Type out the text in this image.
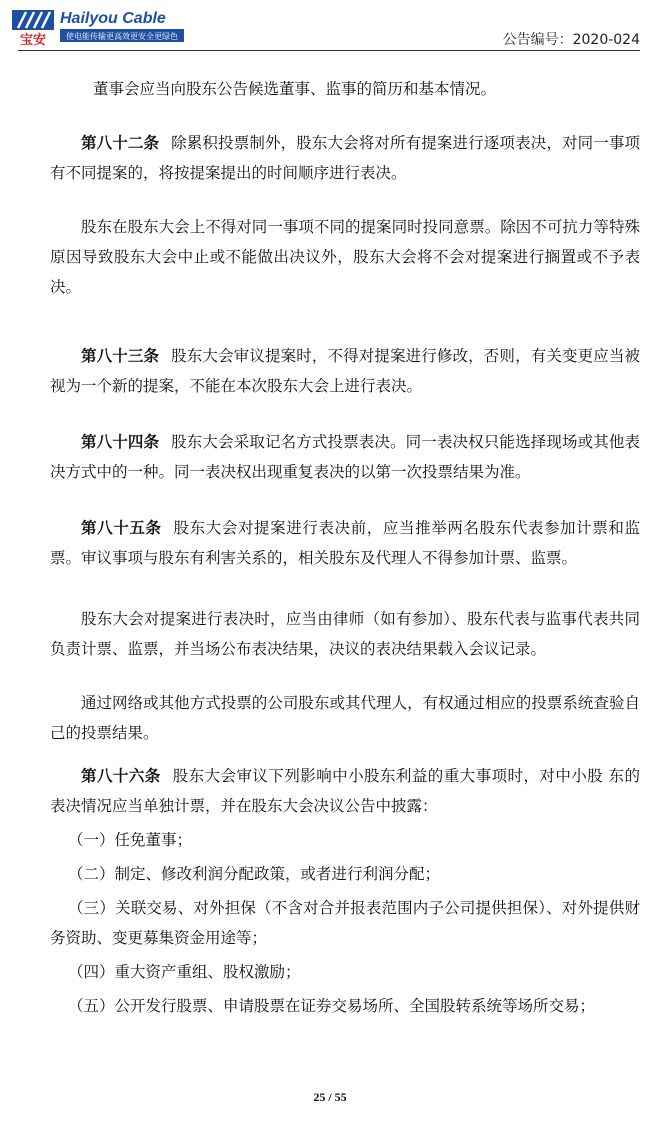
宝安
Hailyou Cable
使电能传输更高效更安全更绿色	公告编号：2020-024

董事会应当向股东公告候选董事、监事的简历和基本情况。

第八十二条 除累积投票制外，股东大会将对所有提案进行逐项表决，对同一事项有不同提案的，将按提案提出的时间顺序进行表决。

股东在股东大会上不得对同一事项不同的提案同时投同意票。除因不可抗力等特殊原因导致股东大会中止或不能做出决议外，股东大会将不会对提案进行搁置或不予表决。

第八十三条 股东大会审议提案时，不得对提案进行修改，否则，有关变更应当被视为一个新的提案，不能在本次股东大会上进行表决。

第八十四条 股东大会采取记名方式投票表决。同一表决权只能选择现场或其他表决方式中的一种。同一表决权出现重复表决的以第一次投票结果为准。

第八十五条 股东大会对提案进行表决前，应当推举两名股东代表参加计票和监票。审议事项与股东有利害关系的，相关股东及代理人不得参加计票、监票。

股东大会对提案进行表决时，应当由律师（如有参加）、股东代表与监事代表共同负责计票、监票，并当场公布表决结果，决议的表决结果载入会议记录。

通过网络或其他方式投票的公司股东或其代理人，有权通过相应的投票系统查验自己的投票结果。

第八十六条 股东大会审议下列影响中小股东利益的重大事项时，对中小股 东的表决情况应当单独计票，并在股东大会决议公告中披露：

（一）任免董事；

（二）制定、修改利润分配政策，或者进行利润分配；

（三）关联交易、对外担保（不含对合并报表范围内子公司提供担保）、对外提供财务资助、变更募集资金用途等；

（四）重大资产重组、股权激励；

（五）公开发行股票、申请股票在证券交易场所、全国股转系统等场所交易；

25 / 55
